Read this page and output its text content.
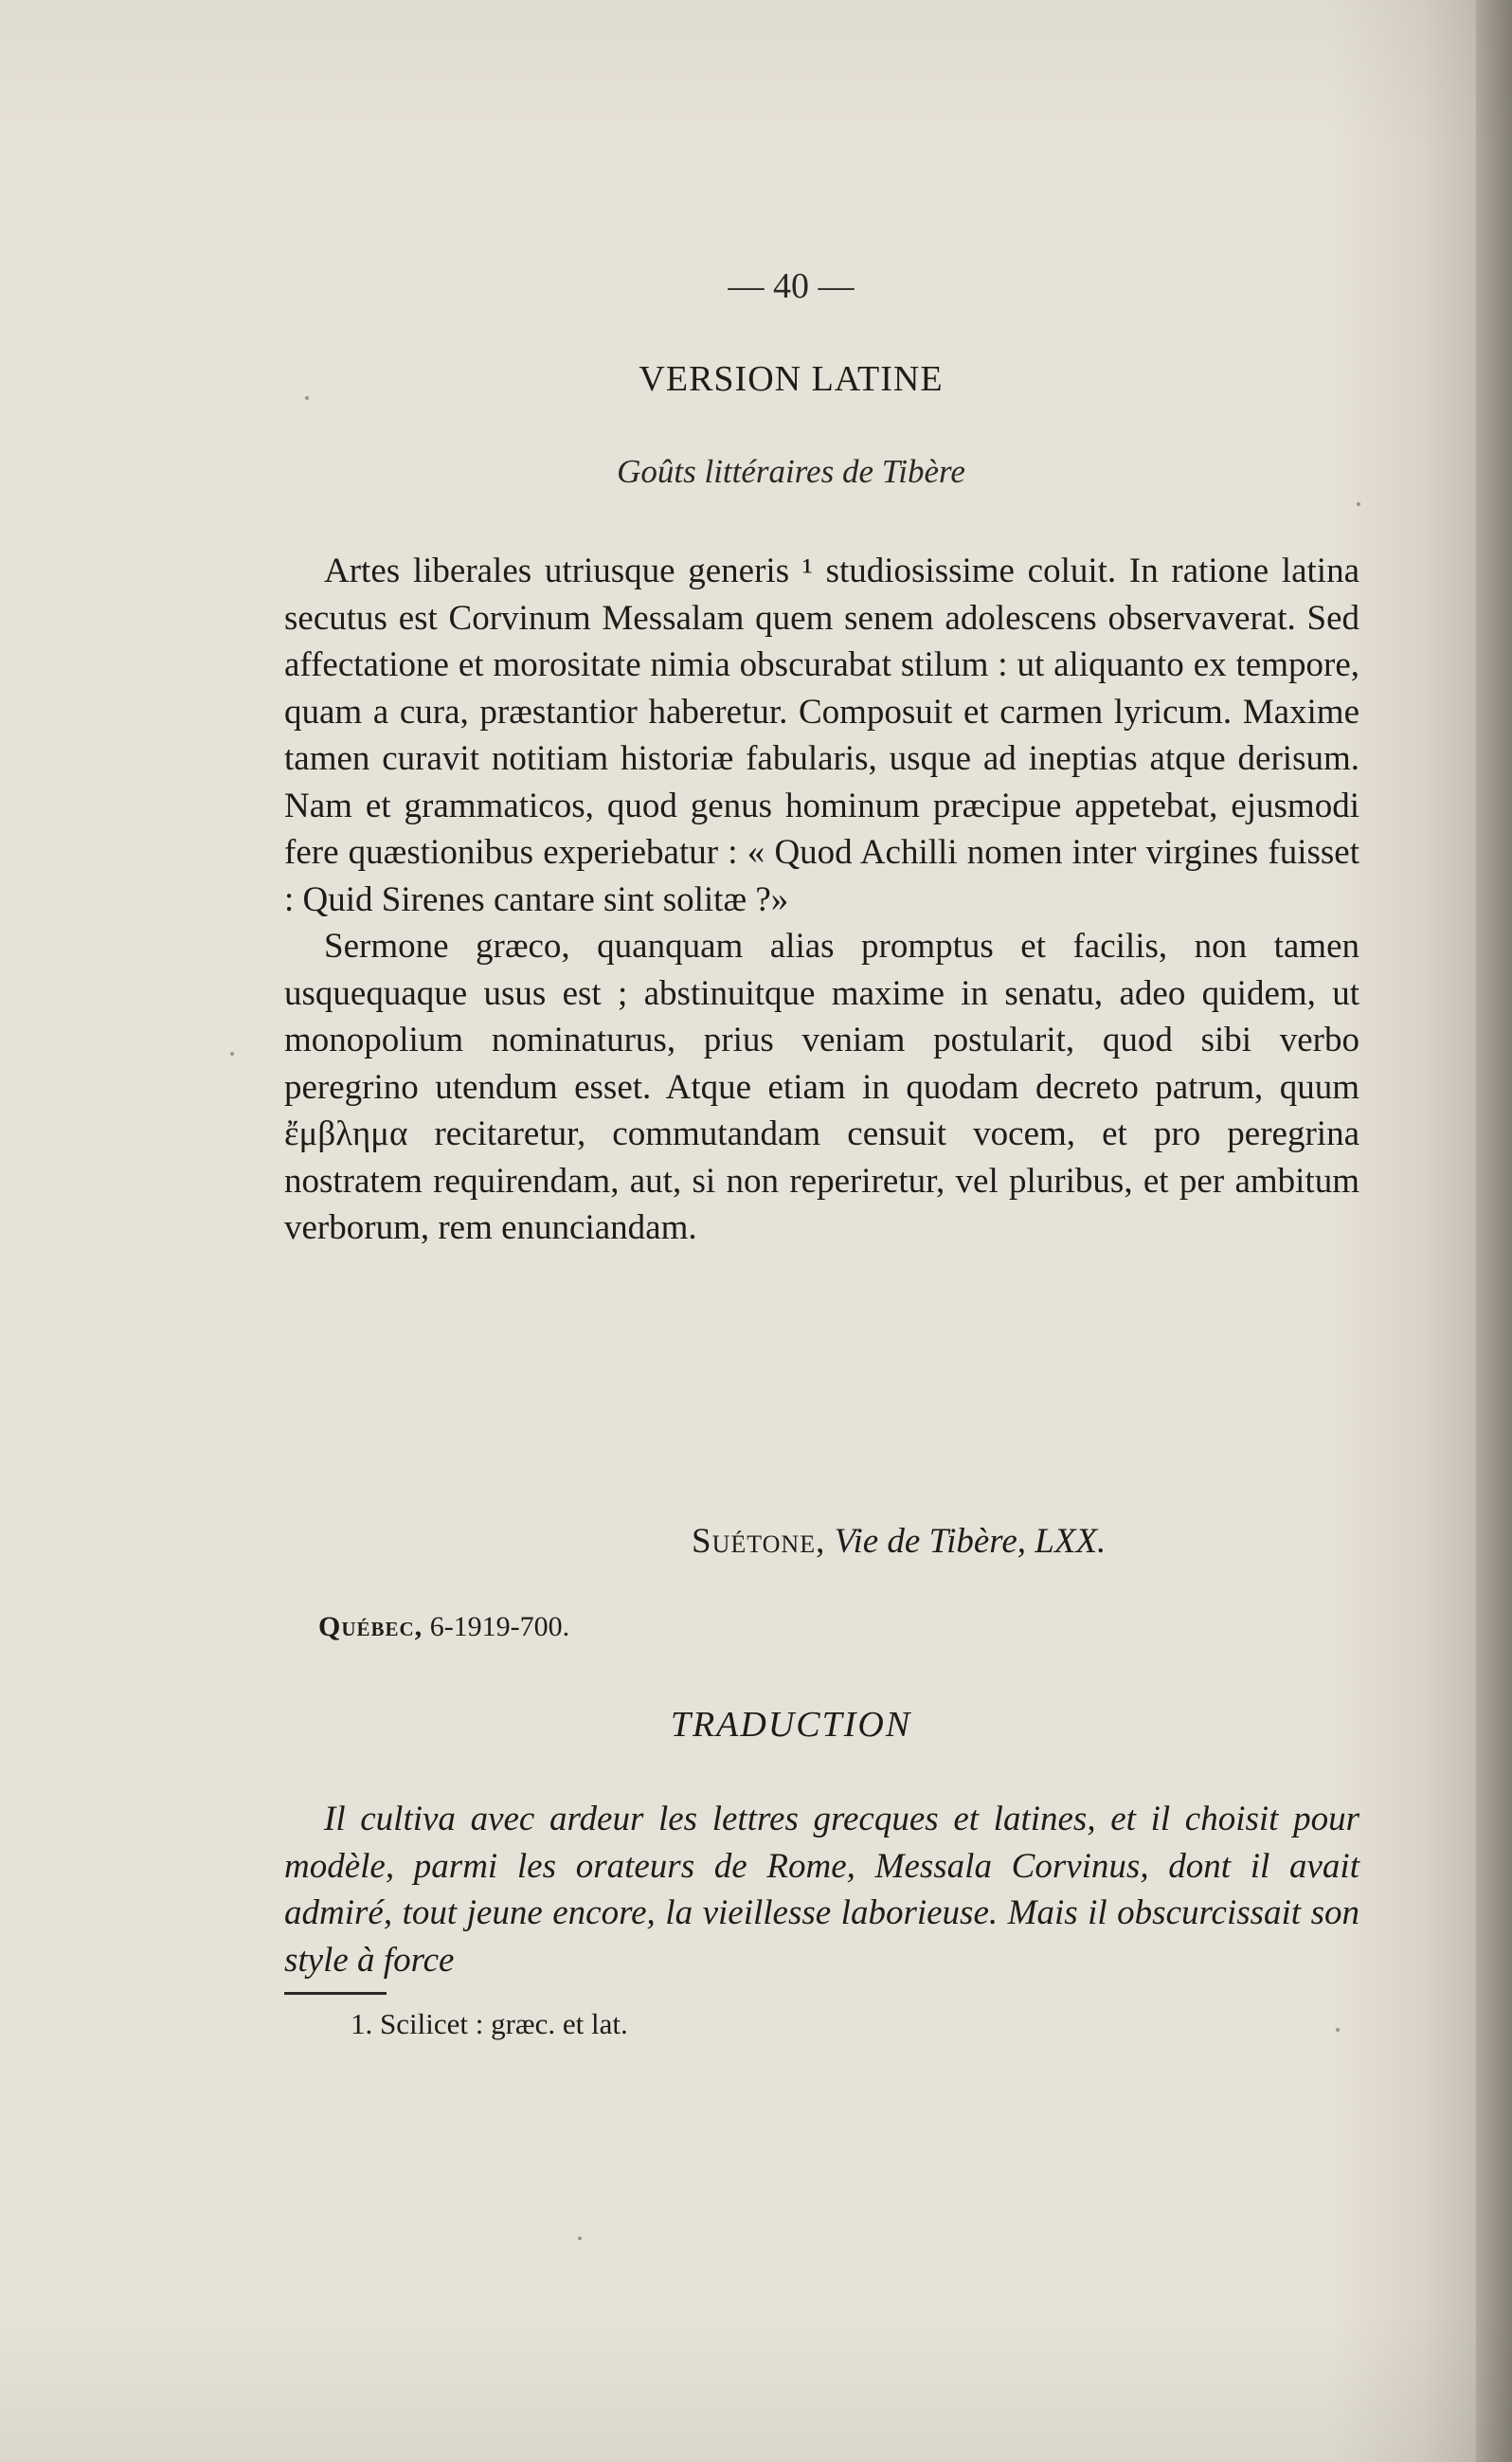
— 40 —
VERSION LATINE
Goûts littéraires de Tibère

Artes liberales utriusque generis ¹ studiosissime coluit. In ratione latina secutus est Corvinum Messalam quem senem adolescens observaverat. Sed affectatione et morositate nimia obscurabat stilum : ut aliquanto ex tempore, quam a cura, præstantior haberetur. Composuit et carmen lyricum. Maxime tamen curavit notitiam historiæ fabularis, usque ad ineptias atque derisum. Nam et grammaticos, quod genus hominum præcipue appetebat, ejusmodi fere quæstionibus experiebatur : « Quod Achilli nomen inter virgines fuisset : Quid Sirenes cantare sint solitæ ?»

Sermone græco, quanquam alias promptus et facilis, non tamen usquequaque usus est ; abstinuitque maxime in senatu, adeo quidem, ut monopolium nominaturus, prius veniam postularit, quod sibi verbo peregrino utendum esset. Atque etiam in quodam decreto patrum, quum ἔμβλημα recitaretur, commutandam censuit vocem, et pro peregrina nostratem requirendam, aut, si non reperiretur, vel pluribus, et per ambitum verborum, rem enunciandam.

Suétone, Vie de Tibère, LXX.
Québec, 6-1919-700.
TRADUCTION

Il cultiva avec ardeur les lettres grecques et latines, et il choisit pour modèle, parmi les orateurs de Rome, Messala Corvinus, dont il avait admiré, tout jeune encore, la vieillesse laborieuse. Mais il obscurcissait son style à force

1. Scilicet : græc. et lat.
